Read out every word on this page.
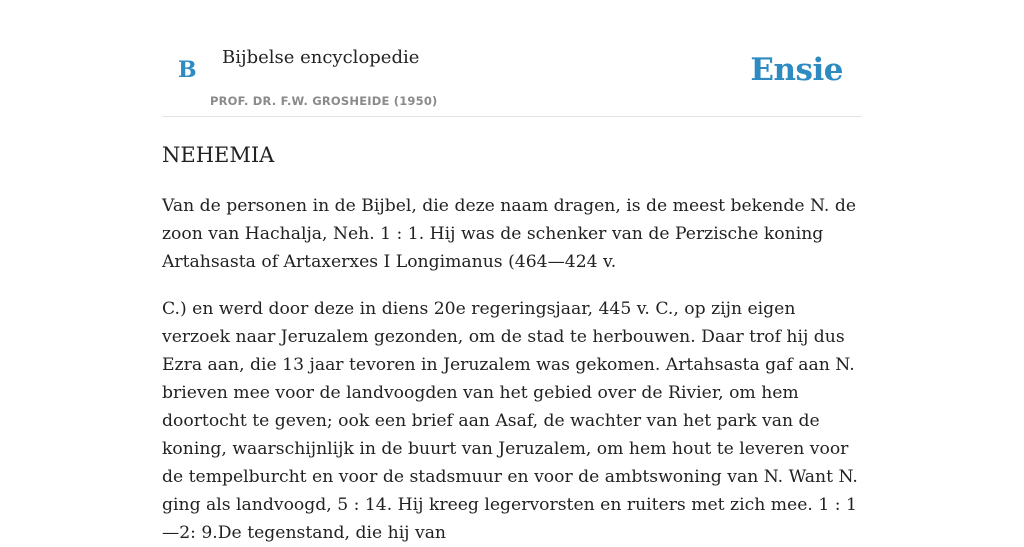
B Bijbelse encyclopedie
PROF. DR. F.W. GROSHEIDE (1950)
Ensie
NEHEMIA

Van de personen in de Bijbel, die deze naam dragen, is de meest bekende N. de zoon van Hachalja, Neh. 1 : 1. Hij was de schenker van de Perzische koning Artahsasta of Artaxerxes I Longimanus (464—424 v.

C.) en werd door deze in diens 20e regeringsjaar, 445 v. C., op zijn eigen verzoek naar Jeruzalem gezonden, om de stad te herbouwen. Daar trof hij dus Ezra aan, die 13 jaar tevoren in Jeruzalem was gekomen. Artahsasta gaf aan N. brieven mee voor de landvoogden van het gebied over de Rivier, om hem doortocht te geven; ook een brief aan Asaf, de wachter van het park van de koning, waarschijnlijk in de buurt van Jeruzalem, om hem hout te leveren voor de tempelburcht en voor de stadsmuur en voor de ambtswoning van N. Want N. ging als landvoogd, 5 : 14. Hij kreeg legervorsten en ruiters met zich mee. 1 : 1—2: 9.De tegenstand, die hij van
